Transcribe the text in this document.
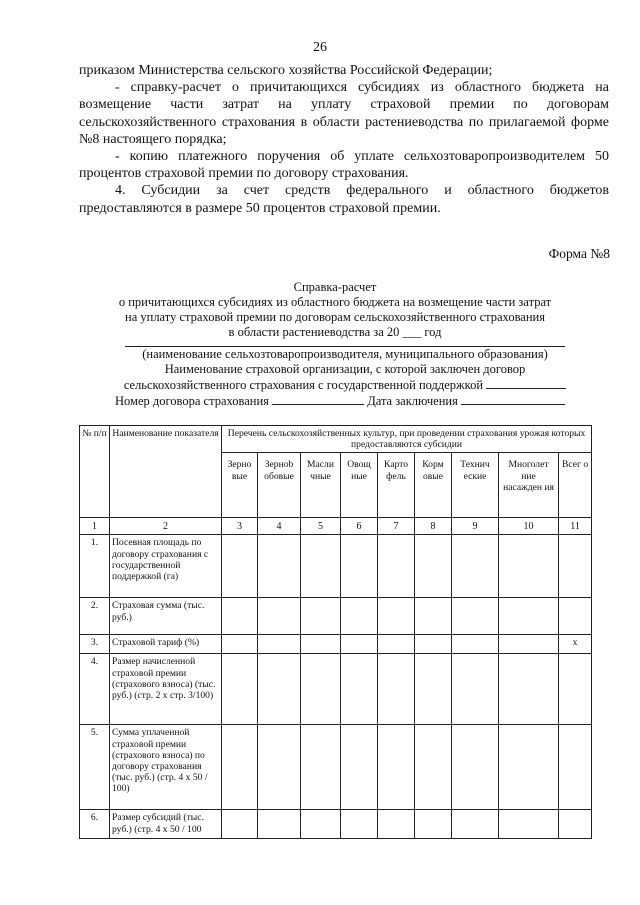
26

приказом Министерства сельского хозяйства Российской Федерации;

- справку-расчет о причитающихся субсидиях из областного бюджета на возмещение части затрат на уплату страховой премии по договорам сельскохозяйственного страхования в области растениеводства по прилагаемой форме №8 настоящего порядка;

- копию платежного поручения об уплате сельхозтоваропроизводителем 50 процентов страховой премии по договору страхования.

4. Субсидии за счет средств федерального и областного бюджетов предоставляются в размере 50 процентов страховой премии.

Форма №8
Справка-расчет
о причитающихся субсидиях из областного бюджета на возмещение части затрат
на уплату страховой премии по договорам сельскохозяйственного страхования
в области растениеводства за 20 ___ год
(наименование сельхозтоваропроизводителя, муниципального образования)
Наименование страховой организации, с которой заключен договор
сельскохозяйственного страхования с государственной поддержкой
Номер договора страхования	Дата заключения
№ п/п	Наименование показателя	Перечень сельскохозяйственных культур, при проведении страхования урожая которых предоставляются субсидии								
		Зерно вые	Зернob обовые	Масли чные	Овощ ные	Карто фель	Корм овые	Технич еские	Многолет ние насажден ия	Всег о
1	2	3	4	5	6	7	8	9	10	11
1.	Посевная площадь по договору страхования с государственной поддержкой (га)									
2.	Страховая сумма (тыс. руб.)									
3.	Страховой тариф (%)									х
4.	Размер начисленной страховой премии (страхового взноса) (тыс. руб.) (стр. 2 х стр. 3/100)									
5.	Сумма уплаченной страховой премии (страхового взноса) по договору страхования (тыс. руб.) (стр. 4 х 50 / 100)									
6.	Размер субсидий (тыс. руб.) (стр. 4 х 50 / 100									
